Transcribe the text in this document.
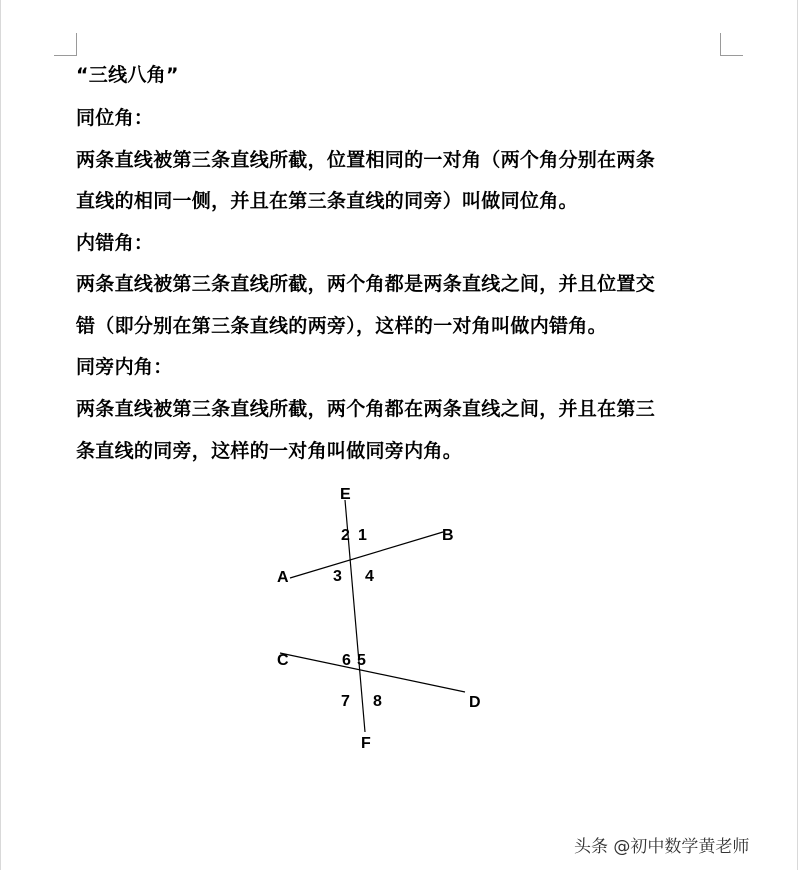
“三线八角”
同位角：
两条直线被第三条直线所截，位置相同的一对角（两个角分别在两条
直线的相同一侧，并且在第三条直线的同旁）叫做同位角。
内错角：
两条直线被第三条直线所截，两个角都是两条直线之间，并且位置交
错（即分别在第三条直线的两旁），这样的一对角叫做内错角。
同旁内角：
两条直线被第三条直线所截，两个角都在两条直线之间，并且在第三
条直线的同旁，这样的一对角叫做同旁内角。
E
B
A
C
D
F
2 1
3 4
6 5
7 8
头条 @初中数学黄老师
